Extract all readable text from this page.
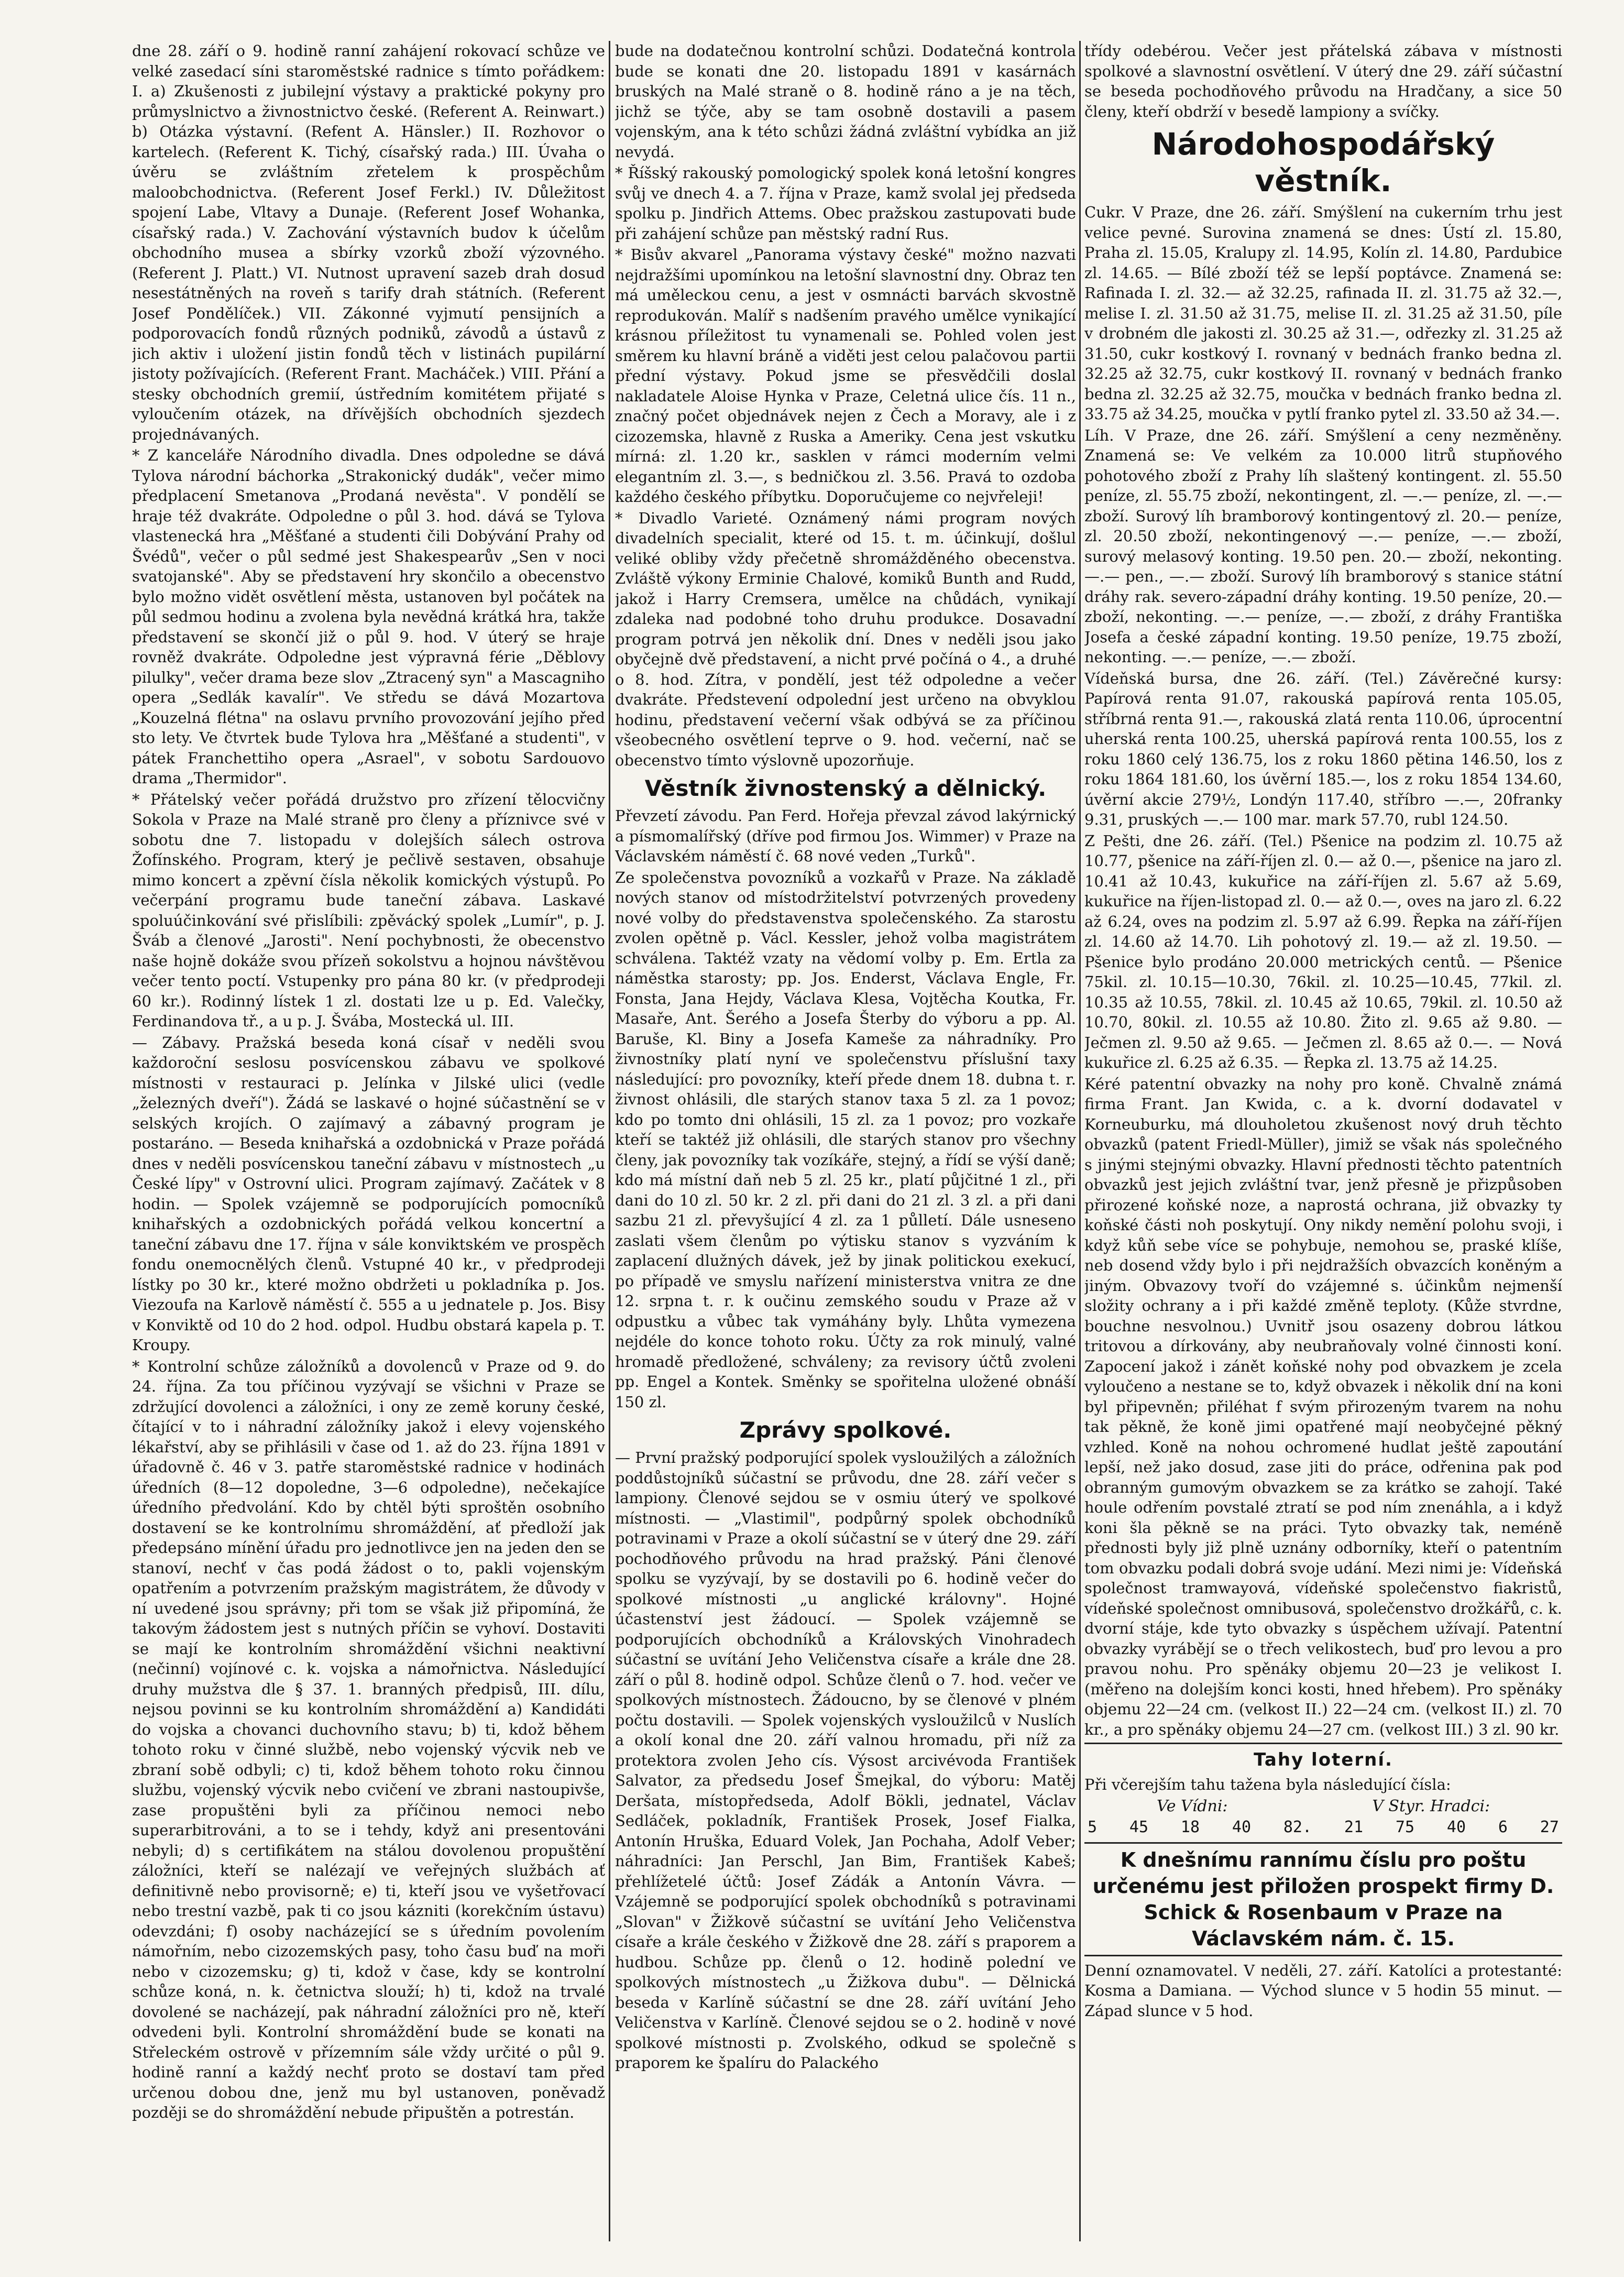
dne 28. září o 9. hodině ranní zahájení rokovací schůze ve velké zasedací síni staroměstské radnice s tímto pořádkem: I. a) Zkušenosti z jubilejní výstavy a praktické pokyny pro průmyslnictvo a živnostnictvo české. (Referent A. Reinwart.) b) Otázka výstavní. (Refent A. Hänsler.) II. Rozhovor o kartelech. (Referent K. Tichý, císařský rada.) III. Úvaha o úvěru se zvláštním zřetelem k prospěchům maloobchodnictva. (Referent Josef Ferkl.) IV. Důležitost spojení Labe, Vltavy a Dunaje. (Referent Josef Wohanka, císařský rada.) V. Zachování výstavních budov k účelům obchodního musea a sbírky vzorků zboží výzovného. (Referent J. Platt.) VI. Nutnost upravení sazeb drah dosud nesestátněných na roveň s tarify drah státních. (Referent Josef Pondělíček.) VII. Zákonné vyjmutí pensijních a podporovacích fondů různých podniků, závodů a ústavů z jich aktiv i uložení jistin fondů těch v listinách pupilární jistoty požívajících. (Referent Frant. Macháček.) VIII. Přání a stesky obchodních gremií, ústředním komitétem přijaté s vyloučením otázek, na dřívějších obchodních sjezdech projednávaných.

* Z kanceláře Národního divadla. Dnes odpoledne se dává Tylova národní báchorka „Strakonický dudák", večer mimo předplacení Smetanova „Prodaná nevěsta". V pondělí se hraje též dvakráte. Odpoledne o půl 3. hod. dává se Tylova vlastenecká hra „Měšťané a studenti čili Dobývání Prahy od Švédů", večer o půl sedmé jest Shakespearův „Sen v noci svatojanské". Aby se představení hry skončilo a obecenstvo bylo možno vidět osvětlení města, ustanoven byl počátek na půl sedmou hodinu a zvolena byla nevědná krátká hra, takže představení se skončí již o půl 9. hod. V úterý se hraje rovněž dvakráte. Odpoledne jest výpravná férie „Děblovy pilulky", večer drama beze slov „Ztracený syn" a Mascagniho opera „Sedlák kavalír". Ve středu se dává Mozartova „Kouzelná flétna" na oslavu prvního provozování jejího před sto lety. Ve čtvrtek bude Tylova hra „Měšťané a studenti", v pátek Franchettiho opera „Asrael", v sobotu Sardouovo drama „Thermidor".

* Přátelský večer pořádá družstvo pro zřízení tělocvičny Sokola v Praze na Malé straně pro členy a příznivce své v sobotu dne 7. listopadu v dolejších sálech ostrova Žofínského. Program, který je pečlivě sestaven, obsahuje mimo koncert a zpěvní čísla několik komických výstupů. Po večerpání programu bude taneční zábava. Laskavé spoluúčinkování své přislíbili: zpěvácký spolek „Lumír", p. J. Šváb a členové „Jarosti". Není pochybnosti, že obecenstvo naše hojně dokáže svou přízeň sokolstvu a hojnou návštěvou večer tento poctí. Vstupenky pro pána 80 kr. (v předprodeji 60 kr.). Rodinný lístek 1 zl. dostati lze u p. Ed. Valečky, Ferdinandova tř., a u p. J. Švába, Mostecká ul. III.

— Zábavy. Pražská beseda koná císař v neděli svou každoroční seslosu posvícenskou zábavu ve spolkové místnosti v restauraci p. Jelínka v Jilské ulici (vedle „železných dveří"). Žádá se laskavé o hojné súčastnění se v selských krojích. O zajímavý a zábavný program je postaráno. — Beseda knihařská a ozdobnická v Praze pořádá dnes v neděli posvícenskou taneční zábavu v místnostech „u České lípy" v Ostrovní ulici. Program zajímavý. Začátek v 8 hodin. — Spolek vzájemně se podporujících pomocníků knihařských a ozdobnických pořádá velkou koncertní a taneční zábavu dne 17. října v sále konviktském ve prospěch fondu onemocnělých členů. Vstupné 40 kr., v předprodeji lístky po 30 kr., které možno obdržeti u pokladníka p. Jos. Viezoufa na Karlově náměstí č. 555 a u jednatele p. Jos. Bisy v Konviktě od 10 do 2 hod. odpol. Hudbu obstará kapela p. T. Kroupy.

* Kontrolní schůze záložníků a dovolenců v Praze od 9. do 24. října. Za tou příčinou vyzývají se všichni v Praze se zdržující dovolenci a záložníci, i ony ze země koruny české, čítající v to i náhradní záložníky jakož i elevy vojenského lékařství, aby se přihlásili v čase od 1. až do 23. října 1891 v úřadovně č. 46 v 3. patře staroměstské radnice v hodinách úředních (8—12 dopoledne, 3—6 odpoledne), nečekajíce úředního předvolání. Kdo by chtěl býti sproštěn osobního dostavení se ke kontrolnímu shromáždění, ať předloží jak předepsáno mínění úřadu pro jednotlivce jen na jeden den se stanoví, nechť v čas podá žádost o to, pakli vojenským opatřením a potvrzením pražským magistrátem, že důvody v ní uvedené jsou správny; při tom se však již připomíná, že takovým žádostem jest s nutných příčin se vyhoví. Dostaviti se mají ke kontrolním shromáždění všichni neaktivní (nečinní) vojínové c. k. vojska a námořnictva. Následující druhy mužstva dle § 37. 1. branných předpisů, III. dílu, nejsou povinni se ku kontrolním shromáždění a) Kandidáti do vojska a chovanci duchovního stavu; b) ti, kdož během tohoto roku v činné službě, nebo vojenský výcvik neb ve zbraní sobě odbyli; c) ti, kdož během tohoto roku činnou službu, vojenský výcvik nebo cvičení ve zbrani nastoupivše, zase propuštěni byli za příčinou nemoci nebo superarbitrováni, a to se i tehdy, když ani presentováni nebyli; d) s certifikátem na stálou dovolenou propuštění záložníci, kteří se nalézají ve veřejných službách ať definitivně nebo provisorně; e) ti, kteří jsou ve vyšetřovací nebo trestní vazbě, pak ti co jsou kázniti (korekčním ústavu) odevzdáni; f) osoby nacházející se s úředním povolením námořním, nebo cizozemských pasy, toho času buď na moři nebo v cizozemsku; g) ti, kdož v čase, kdy se kontrolní schůze koná, n. k. četnictva slouží; h) ti, kdož na trvalé dovolené se nacházejí, pak náhradní záložníci pro ně, kteří odvedeni byli. Kontrolní shromáždění bude se konati na Střeleckém ostrově v přízemním sále vždy určité o půl 9. hodině ranní a každý nechť proto se dostaví tam před určenou dobou dne, jenž mu byl ustanoven, poněvadž později se do shromáždění nebude připuštěn a potrestán.

bude na dodatečnou kontrolní schůzi. Dodatečná kontrola bude se konati dne 20. listopadu 1891 v kasárnách bruských na Malé straně o 8. hodině ráno a je na těch, jichž se týče, aby se tam osobně dostavili a pasem vojenským, ana k této schůzi žádná zvláštní vybídka an již nevydá.

* Říšský rakouský pomologický spolek koná letošní kongres svůj ve dnech 4. a 7. října v Praze, kamž svolal jej předseda spolku p. Jindřich Attems. Obec pražskou zastupovati bude při zahájení schůze pan městský radní Rus.

* Bisův akvarel „Panorama výstavy české" možno nazvati nejdražšími upomínkou na letošní slavnostní dny. Obraz ten má uměleckou cenu, a jest v osmnácti barvách skvostně reprodukován. Malíř s nadšením pravého umělce vynikající krásnou příležitost tu vynamenali se. Pohled volen jest směrem ku hlavní bráně a viděti jest celou palačovou partii přední výstavy. Pokud jsme se přesvědčili doslal nakladatele Aloise Hynka v Praze, Celetná ulice čís. 11 n., značný počet objednávek nejen z Čech a Moravy, ale i z cizozemska, hlavně z Ruska a Ameriky. Cena jest vskutku mírná: zl. 1.20 kr., sasklen v rámci moderním velmi elegantním zl. 3.—, s bedničkou zl. 3.56. Pravá to ozdoba každého českého příbytku. Doporučujeme co nejvřeleji!

* Divadlo Varieté. Oznámený námi program nových divadelních specialit, které od 15. t. m. účinkují, došlul veliké obliby vždy přečetně shromážděného obecenstva. Zvláště výkony Erminie Chalové, komiků Bunth and Rudd, jakož i Harry Cremsera, umělce na chůdách, vynikají zdaleka nad podobné toho druhu produkce. Dosavadní program potrvá jen několik dní. Dnes v neděli jsou jako obyčejně dvě představení, a nicht prvé počíná o 4., a druhé o 8. hod. Zítra, v pondělí, jest též odpoledne a večer dvakráte. Předstevení odpolední jest určeno na obvyklou hodinu, představení večerní však odbývá se za příčinou všeobecného osvětlení teprve o 9. hod. večerní, nač se obecenstvo tímto výslovně upozorňuje.

Věstník živnostenský a dělnický.

Převzetí závodu. Pan Ferd. Hořeja převzal závod lakýrnický a písmomalířský (dříve pod firmou Jos. Wimmer) v Praze na Václavském náměstí č. 68 nové veden „Turků".

Ze společenstva povozníků a vozkařů v Praze. Na základě nových stanov od místodržitelství potvrzených provedeny nové volby do představenstva společenského. Za starostu zvolen opětně p. Václ. Kessler, jehož volba magistrátem schválena. Taktéž vzaty na vědomí volby p. Em. Ertla za náměstka starosty; pp. Jos. Enderst, Václava Engle, Fr. Fonsta, Jana Hejdy, Václava Klesa, Vojtěcha Koutka, Fr. Masaře, Ant. Šerého a Josefa Šterby do výboru a pp. Al. Baruše, Kl. Biny a Josefa Kameše za náhradníky. Pro živnostníky platí nyní ve společenstvu příslušní taxy následující: pro povozníky, kteří přede dnem 18. dubna t. r. živnost ohlásili, dle starých stanov taxa 5 zl. za 1 povoz; kdo po tomto dni ohlásili, 15 zl. za 1 povoz; pro vozkaře kteří se taktéž již ohlásili, dle starých stanov pro všechny členy, jak povozníky tak vozíkáře, stejný, a řídí se výší daně; kdo má místní daň neb 5 zl. 25 kr., platí půjčitné 1 zl., při dani do 10 zl. 50 kr. 2 zl. při dani do 21 zl. 3 zl. a při dani sazbu 21 zl. převyšující 4 zl. za 1 půlletí. Dále usneseno zaslati všem členům po výtisku stanov s vyzváním k zaplacení dlužných dávek, jež by jinak politickou exekucí, po případě ve smyslu nařízení ministerstva vnitra ze dne 12. srpna t. r. k oučinu zemského soudu v Praze až v odpustku a vůbec tak vymáhány byly. Lhůta vymezena nejdéle do konce tohoto roku. Účty za rok minulý, valné hromadě předložené, schváleny; za revisory účtů zvoleni pp. Engel a Kontek. Směnky se spořitelna uložené obnáší 150 zl.

Zprávy spolkové.

— První pražský podporující spolek vysloužilých a záložních poddůstojníků súčastní se průvodu, dne 28. září večer s lampiony. Členové sejdou se v osmiu úterý ve spolkové místnosti. — „Vlastimil", podpůrný spolek obchodníků potravinami v Praze a okolí súčastní se v úterý dne 29. září pochodňového průvodu na hrad pražský. Páni členové spolku se vyzývají, by se dostavili po 6. hodině večer do spolkové místnosti „u anglické královny". Hojné účastenství jest žádoucí. — Spolek vzájemně se podporujících obchodníků a Královských Vinohradech súčastní se uvítání Jeho Veličenstva císaře a krále dne 28. září o půl 8. hodině odpol. Schůze členů o 7. hod. večer ve spolkových místnostech. Žádoucno, by se členové v plném počtu dostavili. — Spolek vojenských vysloužilců v Nuslích a okolí konal dne 20. září valnou hromadu, při níž za protektora zvolen Jeho cís. Výsost arcivévoda František Salvator, za předsedu Josef Šmejkal, do výboru: Matěj Deršata, místopředseda, Adolf Bökli, jednatel, Václav Sedláček, pokladník, František Prosek, Josef Fialka, Antonín Hruška, Eduard Volek, Jan Pochaha, Adolf Veber; náhradníci: Jan Perschl, Jan Bim, František Kabeš; přehlížetelé účtů: Josef Zádák a Antonín Vávra. — Vzájemně se podporující spolek obchodníků s potravinami „Slovan" v Žižkově súčastní se uvítání Jeho Veličenstva císaře a krále českého v Žižkově dne 28. září s praporem a hudbou. Schůze pp. členů o 12. hodině polední ve spolkových místnostech „u Žižkova dubu". — Dělnická beseda v Karlíně súčastní se dne 28. září uvítání Jeho Veličenstva v Karlíně. Členové sejdou se o 2. hodině v nové spolkové místnosti p. Zvolského, odkud se společně s praporem ke špalíru do Palackého

třídy odebérou. Večer jest přátelská zábava v místnosti spolkové a slavnostní osvětlení. V úterý dne 29. září súčastní se beseda pochodňového průvodu na Hradčany, a sice 50 členy, kteří obdrží v besedě lampiony a svíčky.

Národohospodářský věstník.

Cukr. V Praze, dne 26. září. Smýšlení na cukerním trhu jest velice pevné. Surovina znamená se dnes: Ústí zl. 15.80, Praha zl. 15.05, Kralupy zl. 14.95, Kolín zl. 14.80, Pardubice zl. 14.65. — Bílé zboží též se lepší poptávce. Znamená se: Rafinada I. zl. 32.— až 32.25, rafinada II. zl. 31.75 až 32.—, melise I. zl. 31.50 až 31.75, melise II. zl. 31.25 až 31.50, píle v drobném dle jakosti zl. 30.25 až 31.—, odřezky zl. 31.25 až 31.50, cukr kostkový I. rovnaný v bednách franko bedna zl. 32.25 až 32.75, cukr kostkový II. rovnaný v bednách franko bedna zl. 32.25 až 32.75, moučka v bednách franko bedna zl. 33.75 až 34.25, moučka v pytlí franko pytel zl. 33.50 až 34.—.

Líh. V Praze, dne 26. září. Smýšlení a ceny nezměněny. Znamená se: Ve velkém za 10.000 litrů stupňového pohotového zboží z Prahy líh slaštený kontingent. zl. 55.50 peníze, zl. 55.75 zboží, nekontingent, zl. —.— peníze, zl. —.— zboží. Surový líh bramborový kontingentový zl. 20.— peníze, zl. 20.50 zboží, nekontingenový —.— peníze, —.— zboží, surový melasový konting. 19.50 pen. 20.— zboží, nekonting. —.— pen., —.— zboží. Surový líh bramborový s stanice státní dráhy rak. severo-západní dráhy konting. 19.50 peníze, 20.— zboží, nekonting. —.— peníze, —.— zboží, z dráhy Františka Josefa a české západní konting. 19.50 peníze, 19.75 zboží, nekonting. —.— peníze, —.— zboží.

Vídeňská bursa, dne 26. září. (Tel.) Závěrečné kursy: Papírová renta 91.07, rakouská papírová renta 105.05, stříbrná renta 91.—, rakouská zlatá renta 110.06, úprocentní uherská renta 100.25, uherská papírová renta 100.55, los z roku 1860 celý 136.75, los z roku 1860 pětina 146.50, los z roku 1864 181.60, los úvěrní 185.—, los z roku 1854 134.60, úvěrní akcie 279½, Londýn 117.40, stříbro —.—, 20franky 9.31, pruských —.— 100 mar. mark 57.70, rubl 124.50.

Z Pešti, dne 26. září. (Tel.) Pšenice na podzim zl. 10.75 až 10.77, pšenice na září-říjen zl. 0.— až 0.—, pšenice na jaro zl. 10.41 až 10.43, kukuřice na září-říjen zl. 5.67 až 5.69, kukuřice na říjen-listopad zl. 0.— až 0.—, oves na jaro zl. 6.22 až 6.24, oves na podzim zl. 5.97 až 6.99. Řepka na září-říjen zl. 14.60 až 14.70. Lih pohotový zl. 19.— až zl. 19.50. — Pšenice bylo prodáno 20.000 metrických centů. — Pšenice 75kil. zl. 10.15—10.30, 76kil. zl. 10.25—10.45, 77kil. zl. 10.35 až 10.55, 78kil. zl. 10.45 až 10.65, 79kil. zl. 10.50 až 10.70, 80kil. zl. 10.55 až 10.80. Žito zl. 9.65 až 9.80. — Ječmen zl. 9.50 až 9.65. — Ječmen zl. 8.65 až 0.—. — Nová kukuřice zl. 6.25 až 6.35. — Řepka zl. 13.75 až 14.25.

Kéré patentní obvazky na nohy pro koně. Chvalně známá firma Frant. Jan Kwida, c. a k. dvorní dodavatel v Korneuburku, má dlouholetou zkušenost nový druh těchto obvazků (patent Friedl-Müller), jimiž se však nás společného s jinými stejnými obvazky. Hlavní přednosti těchto patentních obvazků jest jejich zvláštní tvar, jenž přesně je přizpůsoben přirozené koňské noze, a naprostá ochrana, již obvazky ty koňské části noh poskytují. Ony nikdy nemění polohu svoji, i když kůň sebe více se pohybuje, nemohou se, praské klíše, neb dosend vždy bylo i při nejdražších obvazcích koněným a jiným. Obvazovy tvoří do vzájemné s. účinkům nejmenší složity ochrany a i při každé změně teploty. (Kůže stvrdne, bouchne nesvolnou.) Uvnitř jsou osazeny dobrou látkou tritovou a dírkovány, aby neubraňovaly volné činnosti koní. Zapocení jakož i zánět koňské nohy pod obvazkem je zcela vyloučeno a nestane se to, když obvazek i několik dní na koni byl připevněn; přiléhat f svým přirozeným tvarem na nohu tak pěkně, že koně jimi opatřené mají neobyčejné pěkný vzhled. Koně na nohou ochromené hudlat ještě zapoutání lepší, než jako dosud, zase jiti do práce, odřenina pak pod obranným gumovým obvazkem se za krátko se zahojí. Také houle odřením povstalé ztratí se pod ním znenáhla, a i když koni šla pěkně se na práci. Tyto obvazky tak, neméně přednosti byly již plně uznány odborníky, kteří o patentním tom obvazku podali dobrá svoje udání. Mezi nimi je: Vídeňská společnost tramwayová, vídeňské společenstvo fiakristů, vídeňské společnost omnibusová, společenstvo drožkářů, c. k. dvorní stáje, kde tyto obvazky s úspěchem užívají. Patentní obvazky vyrábějí se o třech velikostech, buď pro levou a pro pravou nohu. Pro spěnáky objemu 20—23 je velikost I. (měřeno na dolejším konci kosti, hned hřebem). Pro spěnáky objemu 22—24 cm. (velkost II.) 22—24 cm. (velkost II.) zl. 70 kr., a pro spěnáky objemu 24—27 cm. (velkost III.) 3 zl. 90 kr.

Tahy loterní.

Při včerejším tahu tažena byla následující čísla:

Ve Vídni:	V Styr. Hradci:
5 45 18 40 82. 21 75 40 6 27
K dnešnímu rannímu číslu pro poštu určenému jest přiložen prospekt firmy D. Schick & Rosenbaum v Praze na Václavském nám. č. 15.

Denní oznamovatel. V neděli, 27. září. Katolíci a protestanté: Kosma a Damiana. — Východ slunce v 5 hodin 55 minut. — Západ slunce v 5 hod.
